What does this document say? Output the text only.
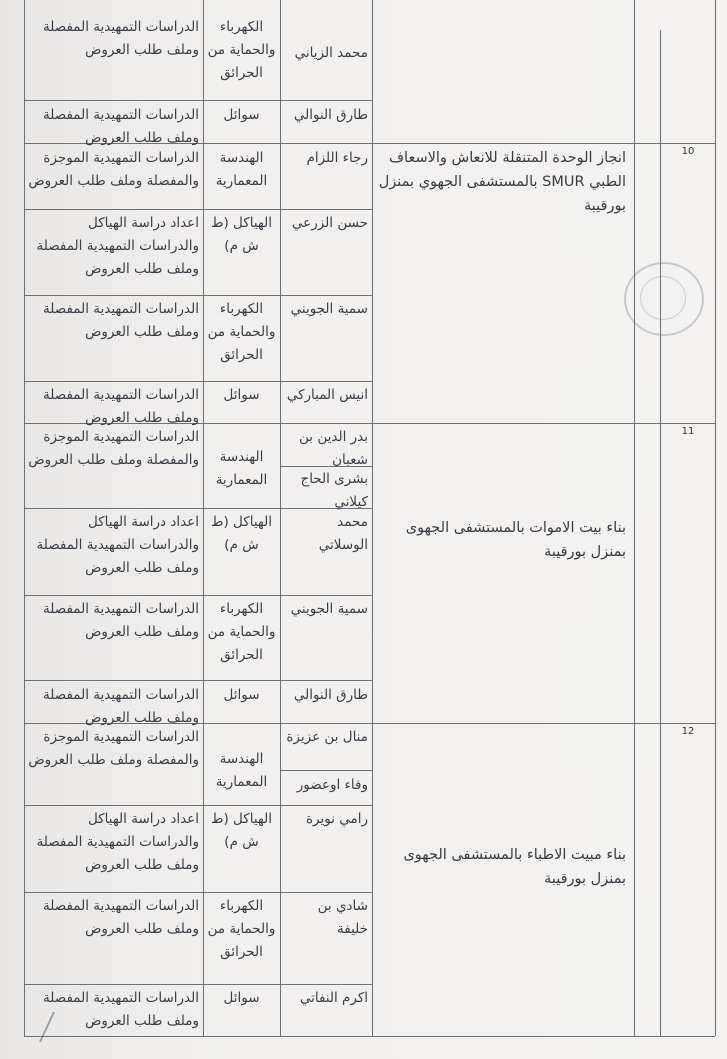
10
11
12
انجاز الوحدة المتنقلة للانعاش والاسعاف الطبي SMUR بالمستشفى الجهوي بمنزل بورقيبة
بناء بيت الاموات بالمستشفى الجهوى بمنزل بورقيبة
بناء مبيت الاطباء بالمستشفى الجهوى بمنزل بورقيبة
محمد الزياني
الكهرباء والحماية من الحرائق
الدراسات التمهيدية المفصلة وملف طلب العروض
طارق النوالي
سوائل
الدراسات التمهيدية المفصلة وملف طلب العروض
رجاء اللزام
الهندسة المعمارية
الدراسات التمهيدية الموجزة والمفصلة وملف طلب العروض
حسن الزرعي
الهياكل (ط ش م)
اعداد دراسة الهياكل والدراسات التمهيدية المفصلة وملف طلب العروض
سمية الجويني
الكهرباء والحماية من الحرائق
الدراسات التمهيدية المفصلة وملف طلب العروض
انيس المباركي
سوائل
الدراسات التمهيدية المفصلة وملف طلب العروض
بدر الدين بن شعبان
الهندسة المعمارية
الدراسات التمهيدية الموجزة والمفصلة وملف طلب العروض
بشرى الحاج كيلاني
محمد الوسلاتي
الهياكل (ط ش م)
اعداد دراسة الهياكل والدراسات التمهيدية المفصلة وملف طلب العروض
سمية الجويني
الكهرباء والحماية من الحرائق
الدراسات التمهيدية المفصلة وملف طلب العروض
طارق النوالي
سوائل
الدراسات التمهيدية المفصلة وملف طلب العروض
منال بن عزيزة
الهندسة المعمارية
الدراسات التمهيدية الموجزة والمفصلة وملف طلب العروض
وفاء اوعضور
رامي نويرة
الهياكل (ط ش م)
اعداد دراسة الهياكل والدراسات التمهيدية المفصلة وملف طلب العروض
شادي بن خليفة
الكهرباء والحماية من الحرائق
الدراسات التمهيدية المفصلة وملف طلب العروض
اكرم النفاتي
سوائل
الدراسات التمهيدية المفصلة وملف طلب العروض
